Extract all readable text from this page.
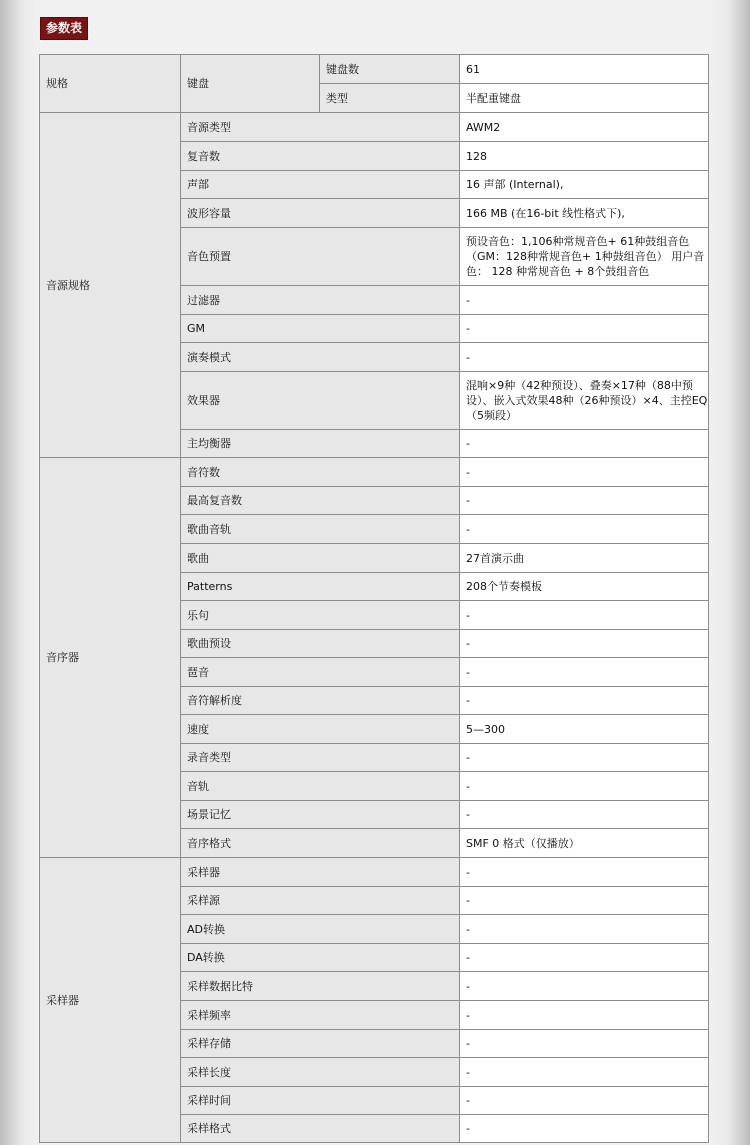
参数表
规格	键盘	键盘数	61
		类型	半配重键盘
音源规格	音源类型		AWM2
	复音数		128
	声部		16 声部 (Internal),
	波形容量		166 MB (在16-bit 线性格式下),
	音色预置		预设音色：1,106种常规音色+ 61种鼓组音色（GM：128种常规音色+ 1种鼓组音色） 用户音色： 128 种常规音色 + 8个鼓组音色
	过滤器		-
	GM		-
	演奏模式		-
	效果器		混响×9种（42种预设）、叠奏×17种（88中预设）、嵌入式效果48种（26种预设）×4、主控EQ（5频段）
	主均衡器		-
音序器	音符数		-
	最高复音数		-
	歌曲音轨		-
	歌曲		27首演示曲
	Patterns		208个节奏模板
	乐句		-
	歌曲预设		-
	琶音		-
	音符解析度		-
	速度		5—300
	录音类型		-
	音轨		-
	场景记忆		-
	音序格式		SMF 0 格式（仅播放）
采样器	采样器		-
	采样源		-
	AD转换		-
	DA转换		-
	采样数据比特		-
	采样频率		-
	采样存储		-
	采样长度		-
	采样时间		-
	采样格式		-
